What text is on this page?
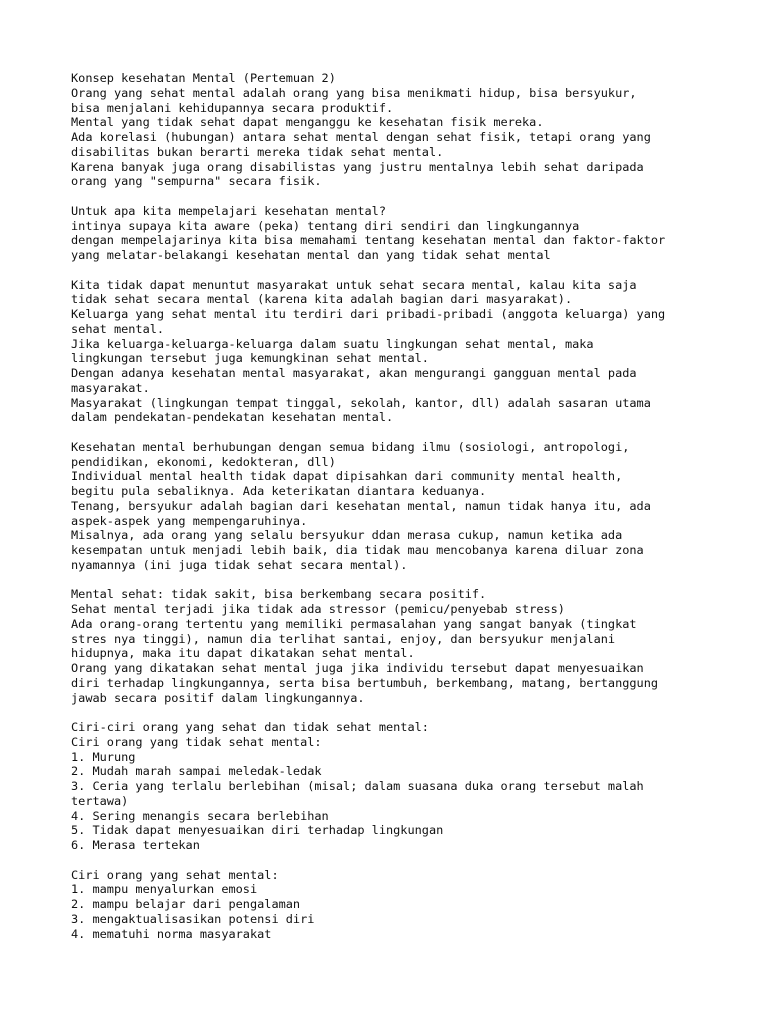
Konsep kesehatan Mental (Pertemuan 2)
Orang yang sehat mental adalah orang yang bisa menikmati hidup, bisa bersyukur,
bisa menjalani kehidupannya secara produktif.
Mental yang tidak sehat dapat menganggu ke kesehatan fisik mereka.
Ada korelasi (hubungan) antara sehat mental dengan sehat fisik, tetapi orang yang
disabilitas bukan berarti mereka tidak sehat mental.
Karena banyak juga orang disabilistas yang justru mentalnya lebih sehat daripada
orang yang "sempurna" secara fisik.
Untuk apa kita mempelajari kesehatan mental?
intinya supaya kita aware (peka) tentang diri sendiri dan lingkungannya
dengan mempelajarinya kita bisa memahami tentang kesehatan mental dan faktor-faktor
yang melatar-belakangi kesehatan mental dan yang tidak sehat mental
Kita tidak dapat menuntut masyarakat untuk sehat secara mental, kalau kita saja
tidak sehat secara mental (karena kita adalah bagian dari masyarakat).
Keluarga yang sehat mental itu terdiri dari pribadi-pribadi (anggota keluarga) yang
sehat mental.
Jika keluarga-keluarga-keluarga dalam suatu lingkungan sehat mental, maka
lingkungan tersebut juga kemungkinan sehat mental.
Dengan adanya kesehatan mental masyarakat, akan mengurangi gangguan mental pada
masyarakat.
Masyarakat (lingkungan tempat tinggal, sekolah, kantor, dll) adalah sasaran utama
dalam pendekatan-pendekatan kesehatan mental.
Kesehatan mental berhubungan dengan semua bidang ilmu (sosiologi, antropologi,
pendidikan, ekonomi, kedokteran, dll)
Individual mental health tidak dapat dipisahkan dari community mental health,
begitu pula sebaliknya. Ada keterikatan diantara keduanya.
Tenang, bersyukur adalah bagian dari kesehatan mental, namun tidak hanya itu, ada
aspek-aspek yang mempengaruhinya.
Misalnya, ada orang yang selalu bersyukur ddan merasa cukup, namun ketika ada
kesempatan untuk menjadi lebih baik, dia tidak mau mencobanya karena diluar zona
nyamannya (ini juga tidak sehat secara mental).
Mental sehat: tidak sakit, bisa berkembang secara positif.
Sehat mental terjadi jika tidak ada stressor (pemicu/penyebab stress)
Ada orang-orang tertentu yang memiliki permasalahan yang sangat banyak (tingkat
stres nya tinggi), namun dia terlihat santai, enjoy, dan bersyukur menjalani
hidupnya, maka itu dapat dikatakan sehat mental.
Orang yang dikatakan sehat mental juga jika individu tersebut dapat menyesuaikan
diri terhadap lingkungannya, serta bisa bertumbuh, berkembang, matang, bertanggung
jawab secara positif dalam lingkungannya.
Ciri-ciri orang yang sehat dan tidak sehat mental:
Ciri orang yang tidak sehat mental:
1. Murung
2. Mudah marah sampai meledak-ledak
3. Ceria yang terlalu berlebihan (misal; dalam suasana duka orang tersebut malah
tertawa)
4. Sering menangis secara berlebihan
5. Tidak dapat menyesuaikan diri terhadap lingkungan
6. Merasa tertekan
Ciri orang yang sehat mental:
1. mampu menyalurkan emosi
2. mampu belajar dari pengalaman
3. mengaktualisasikan potensi diri
4. mematuhi norma masyarakat
